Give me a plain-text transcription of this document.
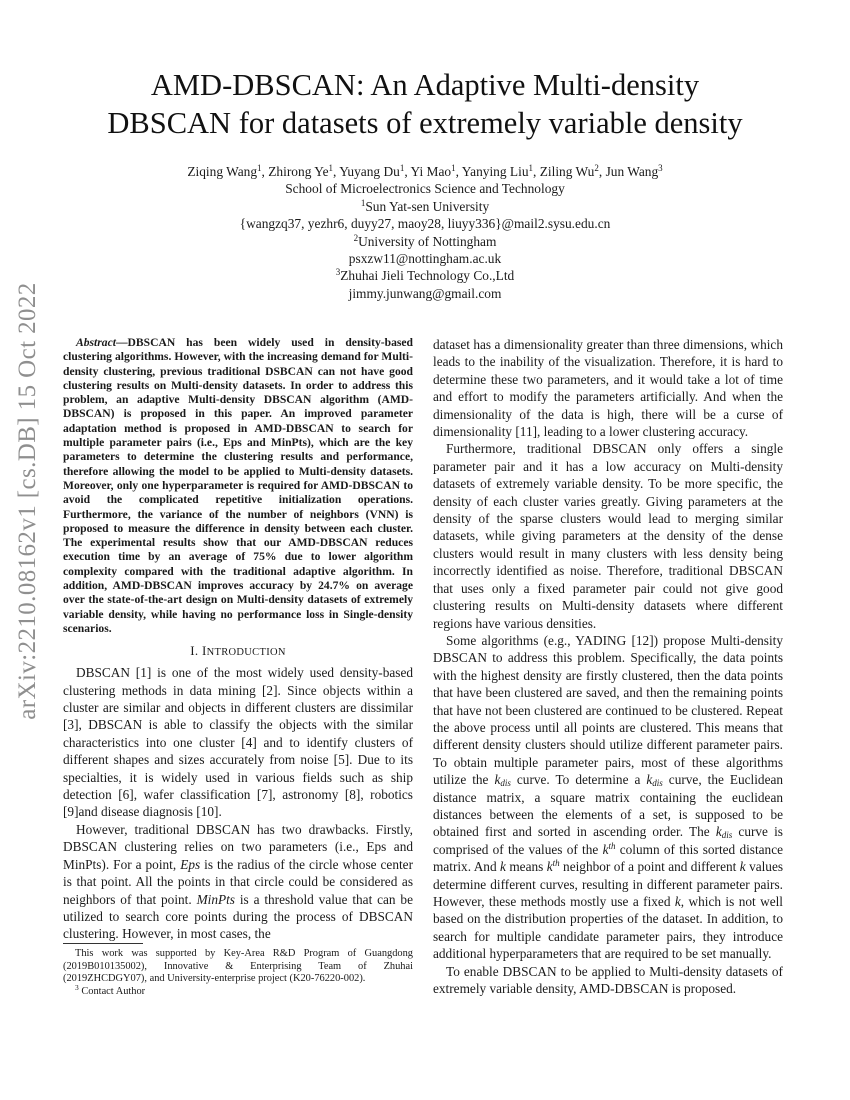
arXiv:2210.08162v1 [cs.DB] 15 Oct 2022
AMD-DBSCAN: An Adaptive Multi-density
DBSCAN for datasets of extremely variable density
Ziqing Wang$^1$, Zhirong Ye$^1$, Yuyang Du$^1$, Yi Mao$^1$, Yanying Liu$^1$, Ziling Wu$^2$, Jun Wang$^3$
School of Microelectronics Science and Technology
$^1$Sun Yat-sen University
{wangzq37, yezhr6, duyy27, maoy28, liuyy336}@mail2.sysu.edu.cn
$^2$University of Nottingham
psxzw11@nottingham.ac.uk
$^3$Zhuhai Jieli Technology Co.,Ltd
jimmy.junwang@gmail.com

Abstract—DBSCAN has been widely used in density-based clustering algorithms. However, with the increasing demand for Multi-density clustering, previous traditional DSBCAN can not have good clustering results on Multi-density datasets. In order to address this problem, an adaptive Multi-density DBSCAN algorithm (AMD-DBSCAN) is proposed in this paper. An improved parameter adaptation method is proposed in AMD-DBSCAN to search for multiple parameter pairs (i.e., Eps and MinPts), which are the key parameters to determine the clustering results and performance, therefore allowing the model to be applied to Multi-density datasets. Moreover, only one hyperparameter is required for AMD-DBSCAN to avoid the complicated repetitive initialization operations. Furthermore, the variance of the number of neighbors (VNN) is proposed to measure the difference in density between each cluster. The experimental results show that our AMD-DBSCAN reduces execution time by an average of 75% due to lower algorithm complexity compared with the traditional adaptive algorithm. In addition, AMD-DBSCAN improves accuracy by 24.7% on average over the state-of-the-art design on Multi-density datasets of extremely variable density, while having no performance loss in Single-density scenarios.

I. INTRODUCTION

DBSCAN [1] is one of the most widely used density-based clustering methods in data mining [2]. Since objects within a cluster are similar and objects in different clusters are dissimilar [3], DBSCAN is able to classify the objects with the similar characteristics into one cluster [4] and to identify clusters of different shapes and sizes accurately from noise [5]. Due to its specialties, it is widely used in various fields such as ship detection [6], wafer classification [7], astronomy [8], robotics [9]and disease diagnosis [10].

However, traditional DBSCAN has two drawbacks. Firstly, DBSCAN clustering relies on two parameters (i.e., Eps and MinPts). For a point, Eps is the radius of the circle whose center is that point. All the points in that circle could be considered as neighbors of that point. MinPts is a threshold value that can be utilized to search core points during the process of DBSCAN clustering. However, in most cases, the

This work was supported by Key-Area R&D Program of Guangdong (2019B010135002), Innovative & Enterprising Team of Zhuhai (2019ZHCDGY07), and University-enterprise project (K20-76220-002).

$^3$ Contact Author

dataset has a dimensionality greater than three dimensions, which leads to the inability of the visualization. Therefore, it is hard to determine these two parameters, and it would take a lot of time and effort to modify the parameters artificially. And when the dimensionality of the data is high, there will be a curse of dimensionality [11], leading to a lower clustering accuracy.

Furthermore, traditional DBSCAN only offers a single parameter pair and it has a low accuracy on Multi-density datasets of extremely variable density. To be more specific, the density of each cluster varies greatly. Giving parameters at the density of the sparse clusters would lead to merging similar datasets, while giving parameters at the density of the dense clusters would result in many clusters with less density being incorrectly identified as noise. Therefore, traditional DBSCAN that uses only a fixed parameter pair could not give good clustering results on Multi-density datasets where different regions have various densities.

Some algorithms (e.g., YADING [12]) propose Multi-density DBSCAN to address this problem. Specifically, the data points with the highest density are firstly clustered, then the data points that have been clustered are saved, and then the remaining points that have not been clustered are continued to be clustered. Repeat the above process until all points are clustered. This means that different density clusters should utilize different parameter pairs. To obtain multiple parameter pairs, most of these algorithms utilize the $k_{dis}$ curve. To determine a $k_{dis}$ curve, the Euclidean distance matrix, a square matrix containing the euclidean distances between the elements of a set, is supposed to be obtained first and sorted in ascending order. The $k_{dis}$ curve is comprised of the values of the $k^{th}$ column of this sorted distance matrix. And k means $k^{th}$ neighbor of a point and different k values determine different curves, resulting in different parameter pairs. However, these methods mostly use a fixed k, which is not well based on the distribution properties of the dataset. In addition, to search for multiple candidate parameter pairs, they introduce additional hyperparameters that are required to be set manually.

To enable DBSCAN to be applied to Multi-density datasets of extremely variable density, AMD-DBSCAN is proposed.
